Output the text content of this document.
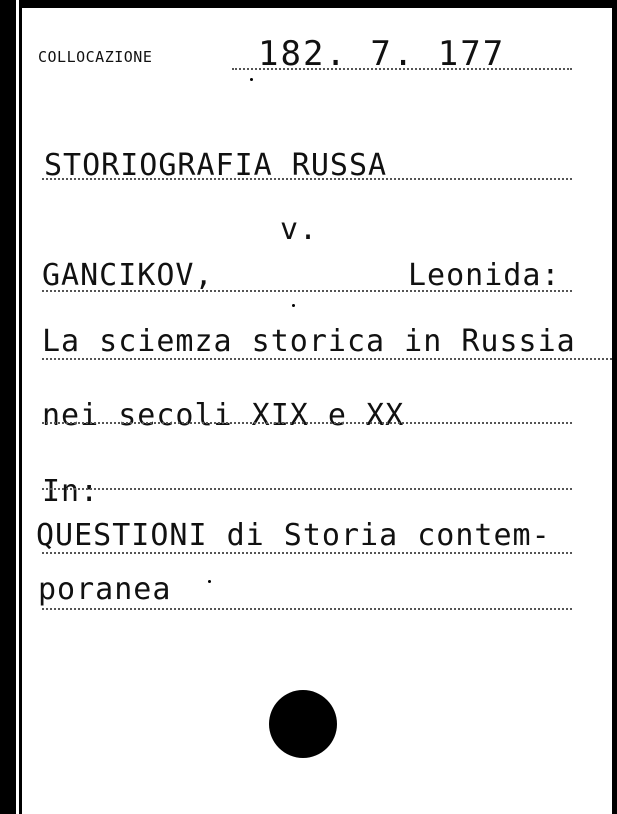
COLLOCAZIONE	182. 7. 177
STORIOGRAFIA RUSSA
v.
GANCIKOV,	Leonida:
La sciemza storica in Russia
nei secoli XIX e XX
In:
QUESTIONI di Storia contem-
poranea
